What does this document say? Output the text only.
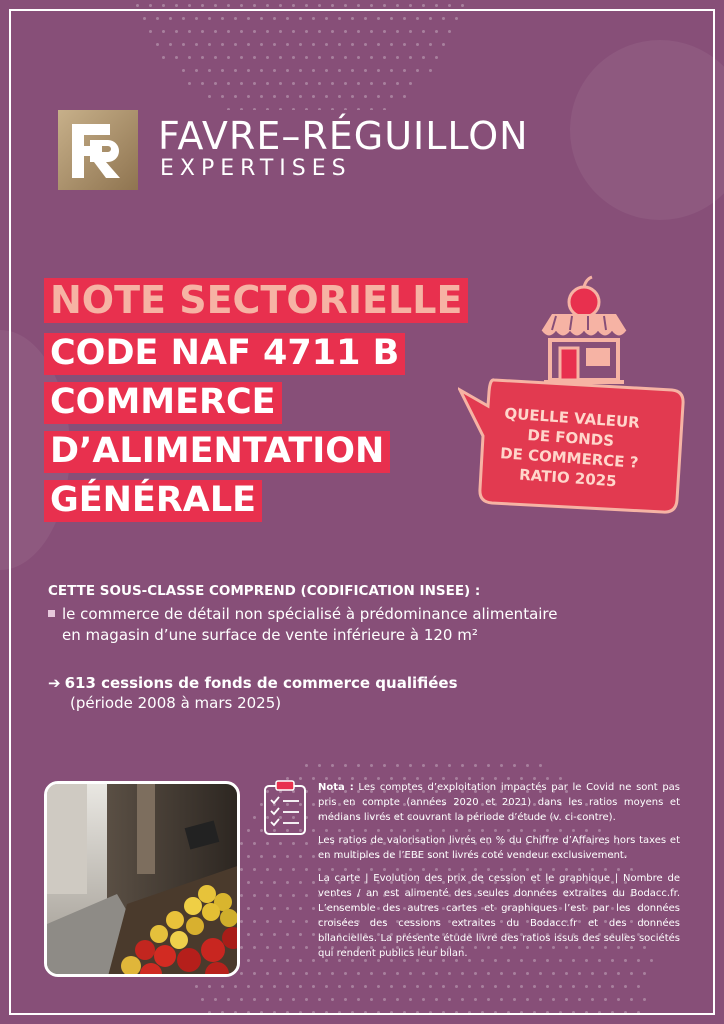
FAVRE–RÉGUILLON
EXPERTISES
NOTE SECTORIELLE
CODE NAF 4711 B
COMMERCE
D’ALIMENTATION
GÉNÉRALE
QUELLE VALEUR
DE FONDS
DE COMMERCE ?
RATIO 2025
CETTE SOUS-CLASSE COMPREND (CODIFICATION INSEE) :
le commerce de détail non spécialisé à prédominance alimentaire
en magasin d’une surface de vente inférieure à 120 m²
➔ 613 cessions de fonds de commerce qualifiées
(période 2008 à mars 2025)

Nota : Les comptes d’exploitation impactés par le Covid ne sont pas pris en compte (années 2020 et 2021) dans les ratios moyens et médians livrés et couvrant la période d’étude (v. ci-contre).

Les ratios de valorisation livrés en % du Chiffre d’Affaires hors taxes et en multiples de l’EBE sont livrés coté vendeur exclusivement.

La carte | Evolution des prix de cession et le graphique | Nombre de ventes / an est alimenté des seules données extraites du Bodacc.fr. L’ensemble des autres cartes et graphiques l’est par les données croisées des cessions extraites du Bodacc.fr et des données bilancielles. La présente étude livre des ratios issus des seules sociétés qui rendent publics leur bilan.
